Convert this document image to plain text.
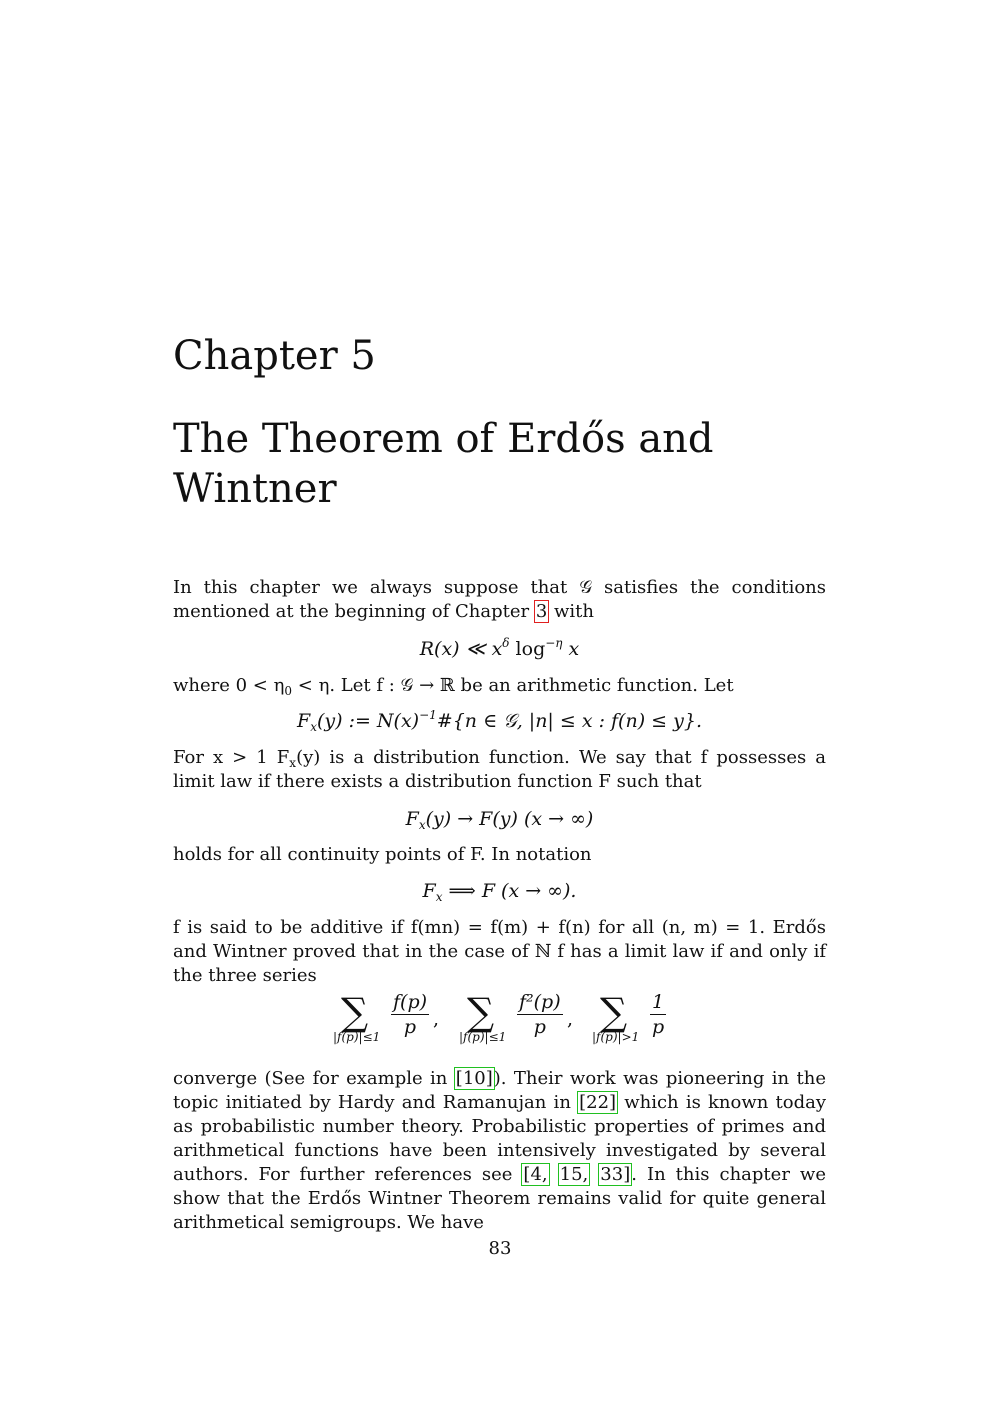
Chapter 5
The Theorem of Erdős and
Wintner

In this chapter we always suppose that 𝒢 satisfies the conditions mentioned at the beginning of Chapter 3 with

R(x) ≪ $x^\delta$ $\log^{-\eta} x$

where $0 < \eta_0 < \eta$. Let f : 𝒢 → ℝ be an arithmetic function. Let

$F_x(y)$ := $N(x)^{-1}\#\{n$ ∈ 𝒢, |n| ≤ x : f(n) ≤ y}.

For x > 1 $F_x(y)$ is a distribution function. We say that f possesses a limit law if there exists a distribution function F such that

$F_x(y) \to F(y) (x$ → ∞)

holds for all continuity points of F. In notation

$F_x$ ⟹ F (x → ∞).

f is said to be additive if f(mn) = f(m) + f(n) for all (n, m) = 1. Erdős and Wintner proved that in the case of ℕ f has a limit law if and only if the three series

∑
$|f(p)|\le 1 \frac{f(p)}{p}$ , ∑
$|f(p)|\le 1 \frac{\text{f²(p)}}{p}$ , ∑
$|f(p)|>1 \frac{1}{p}$

converge (See for example in [10]). Their work was pioneering in the topic initiated by Hardy and Ramanujan in [22] which is known today as probabilistic number theory. Probabilistic properties of primes and arithmetical functions have been intensively investigated by several authors. For further references see [4, 15, 33]. In this chapter we show that the Erdős Wintner Theorem remains valid for quite general arithmetical semigroups. We have

83
